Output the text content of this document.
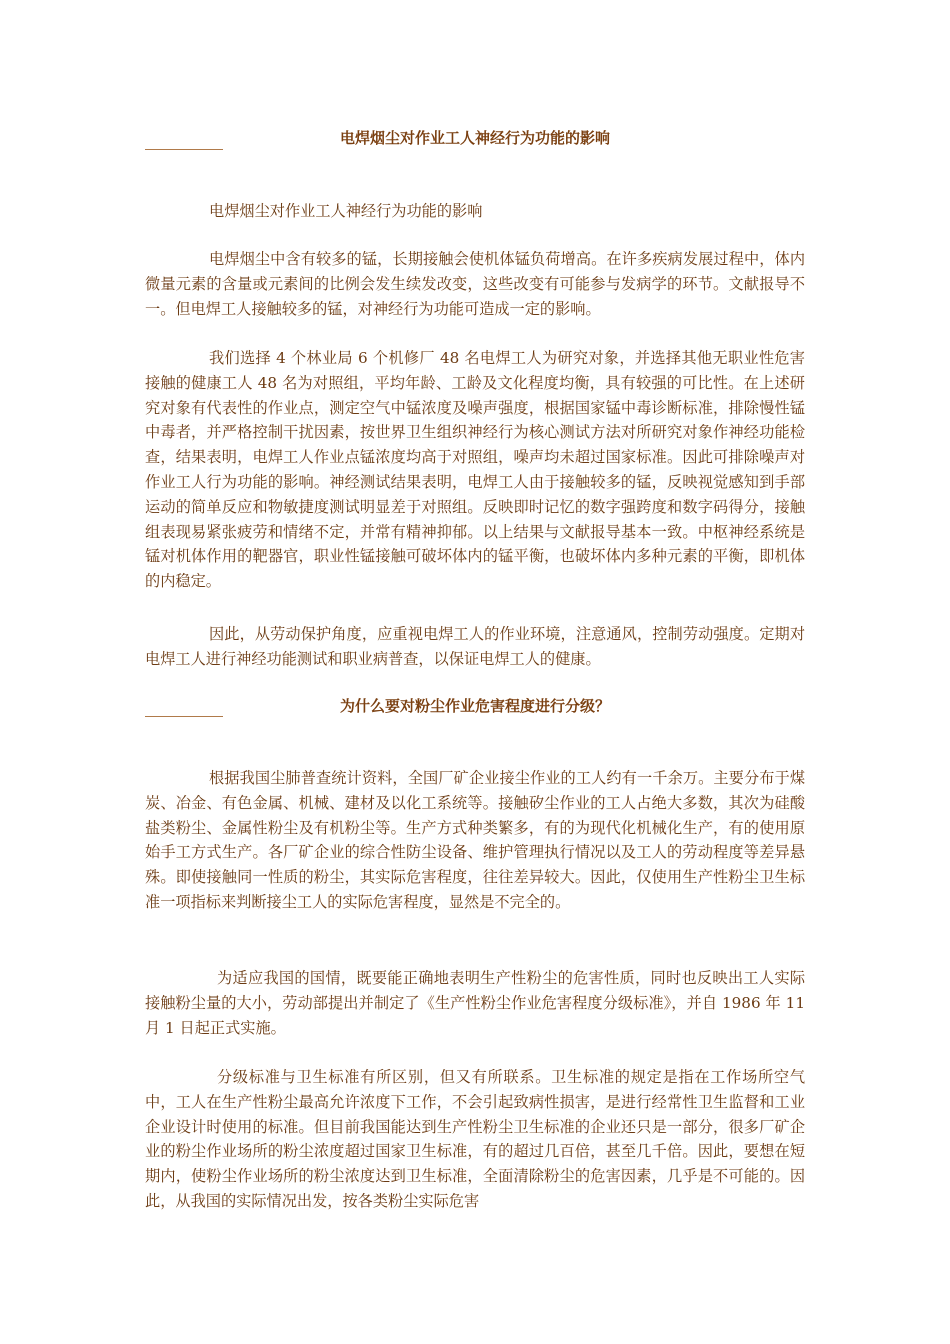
电焊烟尘对作业工人神经行为功能的影响

电焊烟尘对作业工人神经行为功能的影响

电焊烟尘中含有较多的锰，长期接触会使机体锰负荷增高。在许多疾病发展过程中，体内微量元素的含量或元素间的比例会发生续发改变，这些改变有可能参与发病学的环节。文献报导不一。但电焊工人接触较多的锰，对神经行为功能可造成一定的影响。

我们选择 4 个林业局 6 个机修厂 48 名电焊工人为研究对象，并选择其他无职业性危害接触的健康工人 48 名为对照组，平均年龄、工龄及文化程度均衡，具有较强的可比性。在上述研究对象有代表性的作业点，测定空气中锰浓度及噪声强度，根据国家锰中毒诊断标准，排除慢性锰中毒者，并严格控制干扰因素，按世界卫生组织神经行为核心测试方法对所研究对象作神经功能检查，结果表明，电焊工人作业点锰浓度均高于对照组，噪声均未超过国家标准。因此可排除噪声对作业工人行为功能的影响。神经测试结果表明，电焊工人由于接触较多的锰，反映视觉感知到手部运动的简单反应和物敏捷度测试明显差于对照组。反映即时记忆的数字强跨度和数字码得分，接触组表现易紧张疲劳和情绪不定，并常有精神抑郁。以上结果与文献报导基本一致。中枢神经系统是锰对机体作用的靶器官，职业性锰接触可破坏体内的锰平衡，也破坏体内多种元素的平衡，即机体的内稳定。

因此，从劳动保护角度，应重视电焊工人的作业环境，注意通风，控制劳动强度。定期对电焊工人进行神经功能测试和职业病普查，以保证电焊工人的健康。

为什么要对粉尘作业危害程度进行分级？

根据我国尘肺普查统计资料，全国厂矿企业接尘作业的工人约有一千余万。主要分布于煤炭、冶金、有色金属、机械、建材及以化工系统等。接触矽尘作业的工人占绝大多数，其次为硅酸盐类粉尘、金属性粉尘及有机粉尘等。生产方式种类繁多，有的为现代化机械化生产，有的使用原始手工方式生产。各厂矿企业的综合性防尘设备、维护管理执行情况以及工人的劳动程度等差异悬殊。即使接触同一性质的粉尘，其实际危害程度，往往差异较大。因此，仅使用生产性粉尘卫生标准一项指标来判断接尘工人的实际危害程度，显然是不完全的。

为适应我国的国情，既要能正确地表明生产性粉尘的危害性质，同时也反映出工人实际接触粉尘量的大小，劳动部提出并制定了《生产性粉尘作业危害程度分级标准》，并自 1986 年 11 月 1 日起正式实施。

分级标准与卫生标准有所区别，但又有所联系。卫生标准的规定是指在工作场所空气中，工人在生产性粉尘最高允许浓度下工作，不会引起致病性损害，是进行经常性卫生监督和工业企业设计时使用的标准。但目前我国能达到生产性粉尘卫生标准的企业还只是一部分，很多厂矿企业的粉尘作业场所的粉尘浓度超过国家卫生标准，有的超过几百倍，甚至几千倍。因此，要想在短期内，使粉尘作业场所的粉尘浓度达到卫生标准，全面清除粉尘的危害因素，几乎是不可能的。因此，从我国的实际情况出发，按各类粉尘实际危害
